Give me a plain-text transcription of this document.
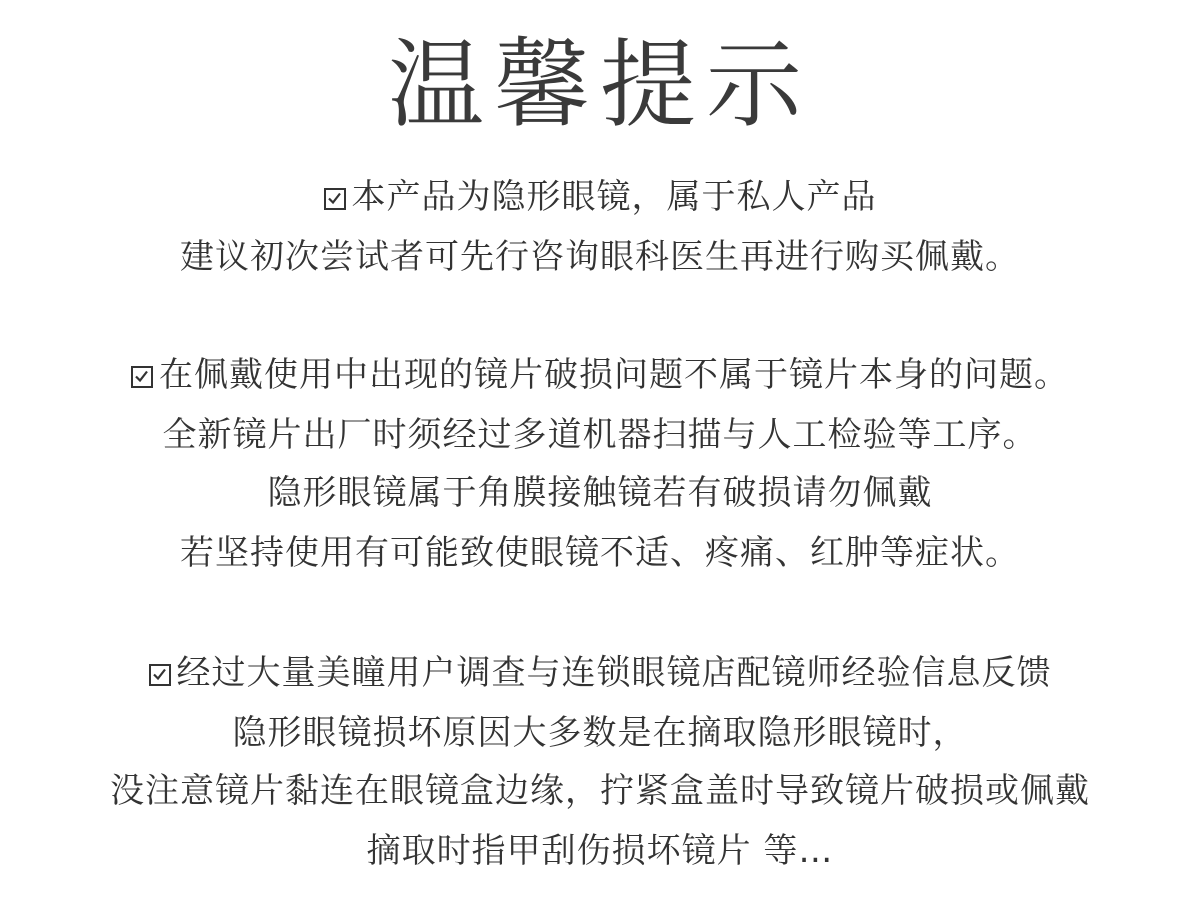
温馨提示
本产品为隐形眼镜，属于私人产品
建议初次尝试者可先行咨询眼科医生再进行购买佩戴。
在佩戴使用中出现的镜片破损问题不属于镜片本身的问题。
全新镜片出厂时须经过多道机器扫描与人工检验等工序。
隐形眼镜属于角膜接触镜若有破损请勿佩戴
若坚持使用有可能致使眼镜不适、疼痛、红肿等症状。
经过大量美瞳用户调查与连锁眼镜店配镜师经验信息反馈
隐形眼镜损坏原因大多数是在摘取隐形眼镜时，
没注意镜片黏连在眼镜盒边缘，拧紧盒盖时导致镜片破损或佩戴
摘取时指甲刮伤损坏镜片 等…
